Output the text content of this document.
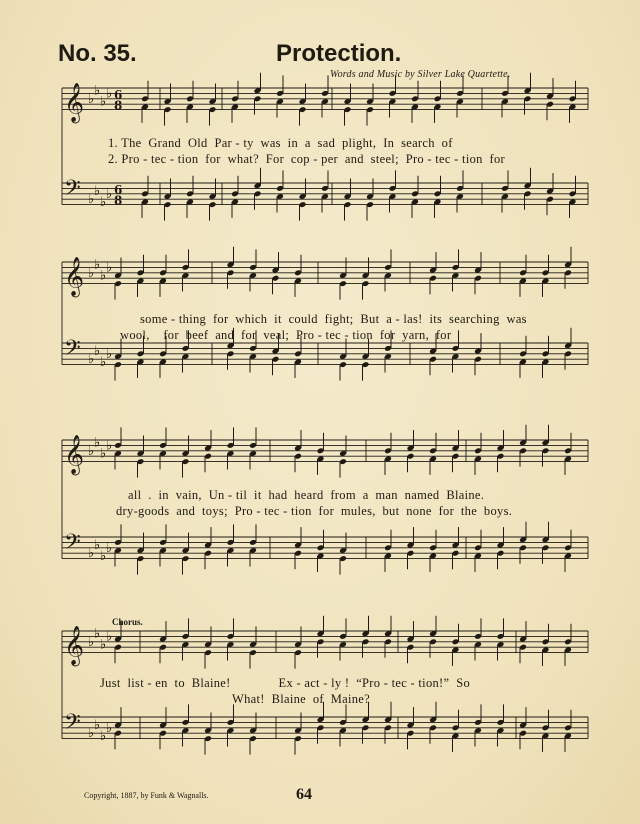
No. 35.	Protection.
Words and Music by Silver Lake Quartette.
𝄞 ♭
♭
♭
♭ 6
8
𝄢 ♭
♭
♭
♭ 6
8
𝄞 ♭
♭
♭
♭
𝄢 ♭
♭
♭
♭
𝄞 ♭
♭
♭
♭
𝄢 ♭
♭
♭
♭
𝄞 ♭
♭
♭
♭
𝄢 ♭
♭
♭
♭
1. The  Grand  Old  Par - ty  was  in  a  sad  plight,  In  search  of
2. Pro - tec - tion  for  what?  For  cop - per  and  steel;  Pro - tec - tion  for
some - thing  for  which  it  could  fight;  But  a - las!  its  searching  was
wool,    for  beef  and  for  veal;  Pro - tec - tion  for  yarn,  for
all  .  in  vain,  Un - til  it  had  heard  from  a  man  named  Blaine.
dry-goods  and  toys;  Pro - tec - tion  for  mules,  but  none  for  the  boys.
Chorus.
Just  list - en  to  Blaine!              Ex - act - ly !  “Pro - tec - tion!”  So
What!  Blaine  of  Maine?
Copyright, 1887, by Funk & Wagnalls.	64
